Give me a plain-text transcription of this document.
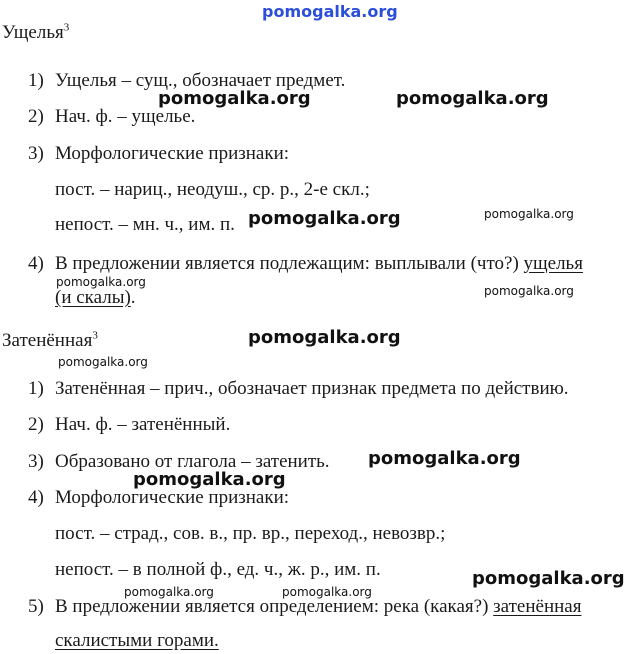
pomogalka.org
Ущелья$^3$
1) Ущелья – сущ., обозначает предмет.
2) Нач. ф. – ущелье.
3) Морфологические признаки:
пост. – нариц., неодуш., ср. р., 2-е скл.;
непост. – мн. ч., им. п.
4) В предложении является подлежащим: выплывали (что?) ущелья
(и скалы).
Затенённая$^3$
1) Затенённая – прич., обозначает признак предмета по действию.
2) Нач. ф. – затенённый.
3) Образовано от глагола – затенить.
4) Морфологические признаки:
пост. – страд., сов. в., пр. вр., переход., невозвр.;
непост. – в полной ф., ед. ч., ж. р., им. п.
5) В предложении является определением: река (какая?) затенённая
скалистыми горами.
pomogalka.org	pomogalka.org
pomogalka.org	pomogalka.org
pomogalka.org
pomogalka.org
pomogalka.org
pomogalka.org
pomogalka.org
pomogalka.org
pomogalka.org
pomogalka.org	pomogalka.org
